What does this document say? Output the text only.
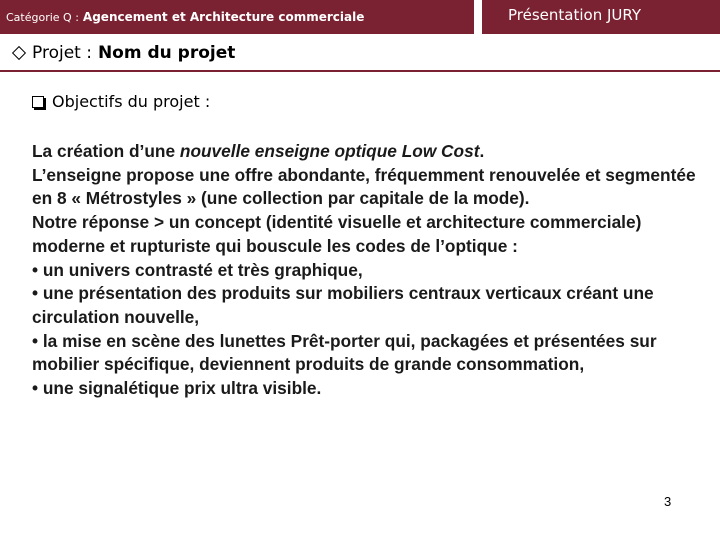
Catégorie Q : Agencement et Architecture commerciale	Présentation JURY
Projet : Nom du projet
Objectifs du projet :

La création d’une nouvelle enseigne optique Low Cost.

L’enseigne propose une offre abondante, fréquemment renouvelée et segmentée en 8 « Métrostyles » (une collection par capitale de la mode).

Notre réponse > un concept (identité visuelle et architecture commerciale) moderne et rupturiste qui bouscule les codes de l’optique :

• un univers contrasté et très graphique,

• une présentation des produits sur mobiliers centraux verticaux créant une circulation nouvelle,

• la mise en scène des lunettes Prêt-porter qui, packagées et présentées sur mobilier spécifique, deviennent produits de grande consommation,

• une signalétique prix ultra visible.

3
